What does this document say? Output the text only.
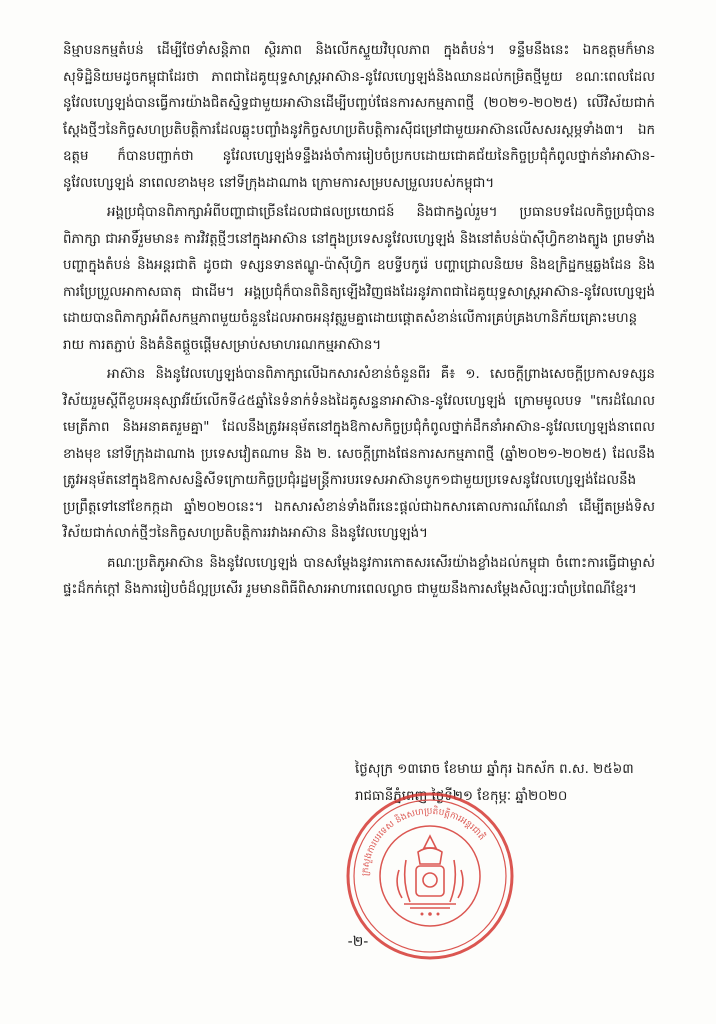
និម្មាបនកម្មតំបន់ ដើម្បីថែទាំសន្តិភាព ស្ថិរភាព និងលើកស្ទួយវិបុលភាព ក្នុងតំបន់។ ទន្ទឹមនឹងនេះ ឯកឧត្តមក៏មានសុទិដ្ឋិនិយមដូចកម្ពុជាដែរថា ភាពជាដៃគូយុទ្ធសាស្ត្រអាស៊ាន-នូវែលហ្សេឡង់និងឈានដល់កម្រិតថ្មីមួយ ខណៈពេលដែលនូវែលហ្សេឡង់បានធ្វើការយ៉ាងជិតស្និទ្ធជាមួយអាស៊ានដើម្បីបញ្ចប់ផែនការសកម្មភាពថ្មី (២០២១-២០២៥) លើវិស័យជាក់ស្តែងថ្មីៗនៃកិច្ចសហប្រតិបត្តិការដែលឆ្លុះបញ្ចាំងនូវកិច្ចសហប្រតិបត្តិការស៊ីជម្រៅជាមួយអាស៊ានលើសសរស្តម្ភទាំង៣។ ឯកឧត្តម ក៏បានបញ្ជាក់ថា នូវែលហ្សេឡង់ទន្ទឹងរង់ចាំការរៀបចំប្រកបដោយជោគជ័យនៃកិច្ចប្រជុំកំពូលថ្នាក់នាំអាស៊ាន-នូវែលហ្សេឡង់ នាពេលខាងមុខ នៅទីក្រុងដាណាង ក្រោមការសម្របសម្រួលរបស់កម្ពុជា។

អង្គប្រជុំបានពិភាក្សាអំពីបញ្ហាជាច្រើនដែលជាផលប្រយោជន៍ និងជាកង្វល់រួម។ ប្រធានបទដែលកិច្ចប្រជុំបានពិភាក្សា ជាអាទិ៍រួមមាន៖ ការវិវត្តថ្មីៗនៅក្នុងអាស៊ាន នៅក្នុងប្រទេសនូវែលហ្សេឡង់ និងនៅតំបន់ប៉ាស៊ីហ្វិកខាងត្បូង ព្រមទាំងបញ្ហាក្នុងតំបន់ និងអន្តរជាតិ ដូចជា ទស្សនទានឥណ្ឌូ-ប៉ាស៊ីហ្វិក ឧបទ្វីបកូរ៉េ បញ្ហាជ្រោលនិយម និងឧក្រិដ្ឋកម្មឆ្លងដែន និងការប្រែប្រួលអាកាសធាតុ ជាដើម។ អង្គប្រជុំក៏បានពិនិត្យឡើងវិញផងដែរនូវភាពជាដៃគូយុទ្ធសាស្ត្រអាស៊ាន-នូវែលហ្សេឡង់ ដោយបានពិភាក្សាអំពីសកម្មភាពមួយចំនួនដែលអាចអនុវត្តរួមគ្នាដោយផ្តោតសំខាន់លើការគ្រប់គ្រងហានិភ័យគ្រោះមហន្តរាយ ការតភ្ជាប់ និងគំនិតផ្តួចផ្តើមសម្រាប់សមាហរណកម្មអាស៊ាន។

អាស៊ាន និងនូវែលហ្សេឡង់បានពិភាក្សាលើឯកសារសំខាន់ចំនួនពីរ គឺ៖ ១. សេចក្តីព្រាងសេចក្តីប្រកាសទស្សនវិស័យរួមស្តីពីខួបអនុស្សាវរីយ៍លើកទី៤៥ឆ្នាំនៃទំនាក់ទំនងដៃគូសន្ទនាអាស៊ាន-នូវែលហ្សេឡង់ ក្រោមមូលបទ "កេរដំណែលមេត្រីភាព និងអនាគតរួមគ្នា" ដែលនឹងត្រូវអនុម័តនៅក្នុងឱកាសកិច្ចប្រជុំកំពូលថ្នាក់ដឹកនាំអាស៊ាន-នូវែលហ្សេឡង់នាពេលខាងមុខ នៅទីក្រុងដាណាង ប្រទេសវៀតណាម និង ២. សេចក្តីព្រាងផែនការសកម្មភាពថ្មី (ឆ្នាំ២០២១-២០២៥) ដែលនឹងត្រូវអនុម័តនៅក្នុងឱកាសសន្និសីទក្រោយកិច្ចប្រជុំរដ្ឋមន្ត្រីការបរទេសអាស៊ានបូក១ជាមួយប្រទេសនូវែលហ្សេឡង់ដែលនឹងប្រព្រឹត្តទៅនៅខែកក្កដា ឆ្នាំ២០២០នេះ។ ឯកសារសំខាន់ទាំងពីរនេះផ្តល់ជាឯកសារគោលការណ៍ណែនាំ ដើម្បីតម្រង់ទិសវិស័យជាក់លាក់ថ្មីៗនៃកិច្ចសហប្រតិបត្តិការរវាងអាស៊ាន និងនូវែលហ្សេឡង់។

គណៈប្រតិភូអាស៊ាន និងនូវែលហ្សេឡង់ បានសម្តែងនូវការកោតសរសើរយ៉ាងខ្លាំងដល់កម្ពុជា ចំពោះការធ្វើជាម្ចាស់ផ្ទះដ៏កក់ក្តៅ និងការរៀបចំដ៏ល្អប្រសើរ រួមមានពិធីពិសារអាហារពេលល្ងាច ជាមួយនឹងការសម្តែងសិល្បៈរបាំប្រពៃណីខ្មែរ។

ថ្ងៃសុក្រ ១៣រោច ខែមាឃ ឆ្នាំកុរ ឯកស័ក ព.ស. ២៥៦៣
រាជធានីភ្នំពេញ ថ្ងៃទី២១ ខែកុម្ភៈ ឆ្នាំ២០២០
ក្រសួងការបរទេស និងសហប្រតិបត្តិការអន្តរជាតិ
-២-
